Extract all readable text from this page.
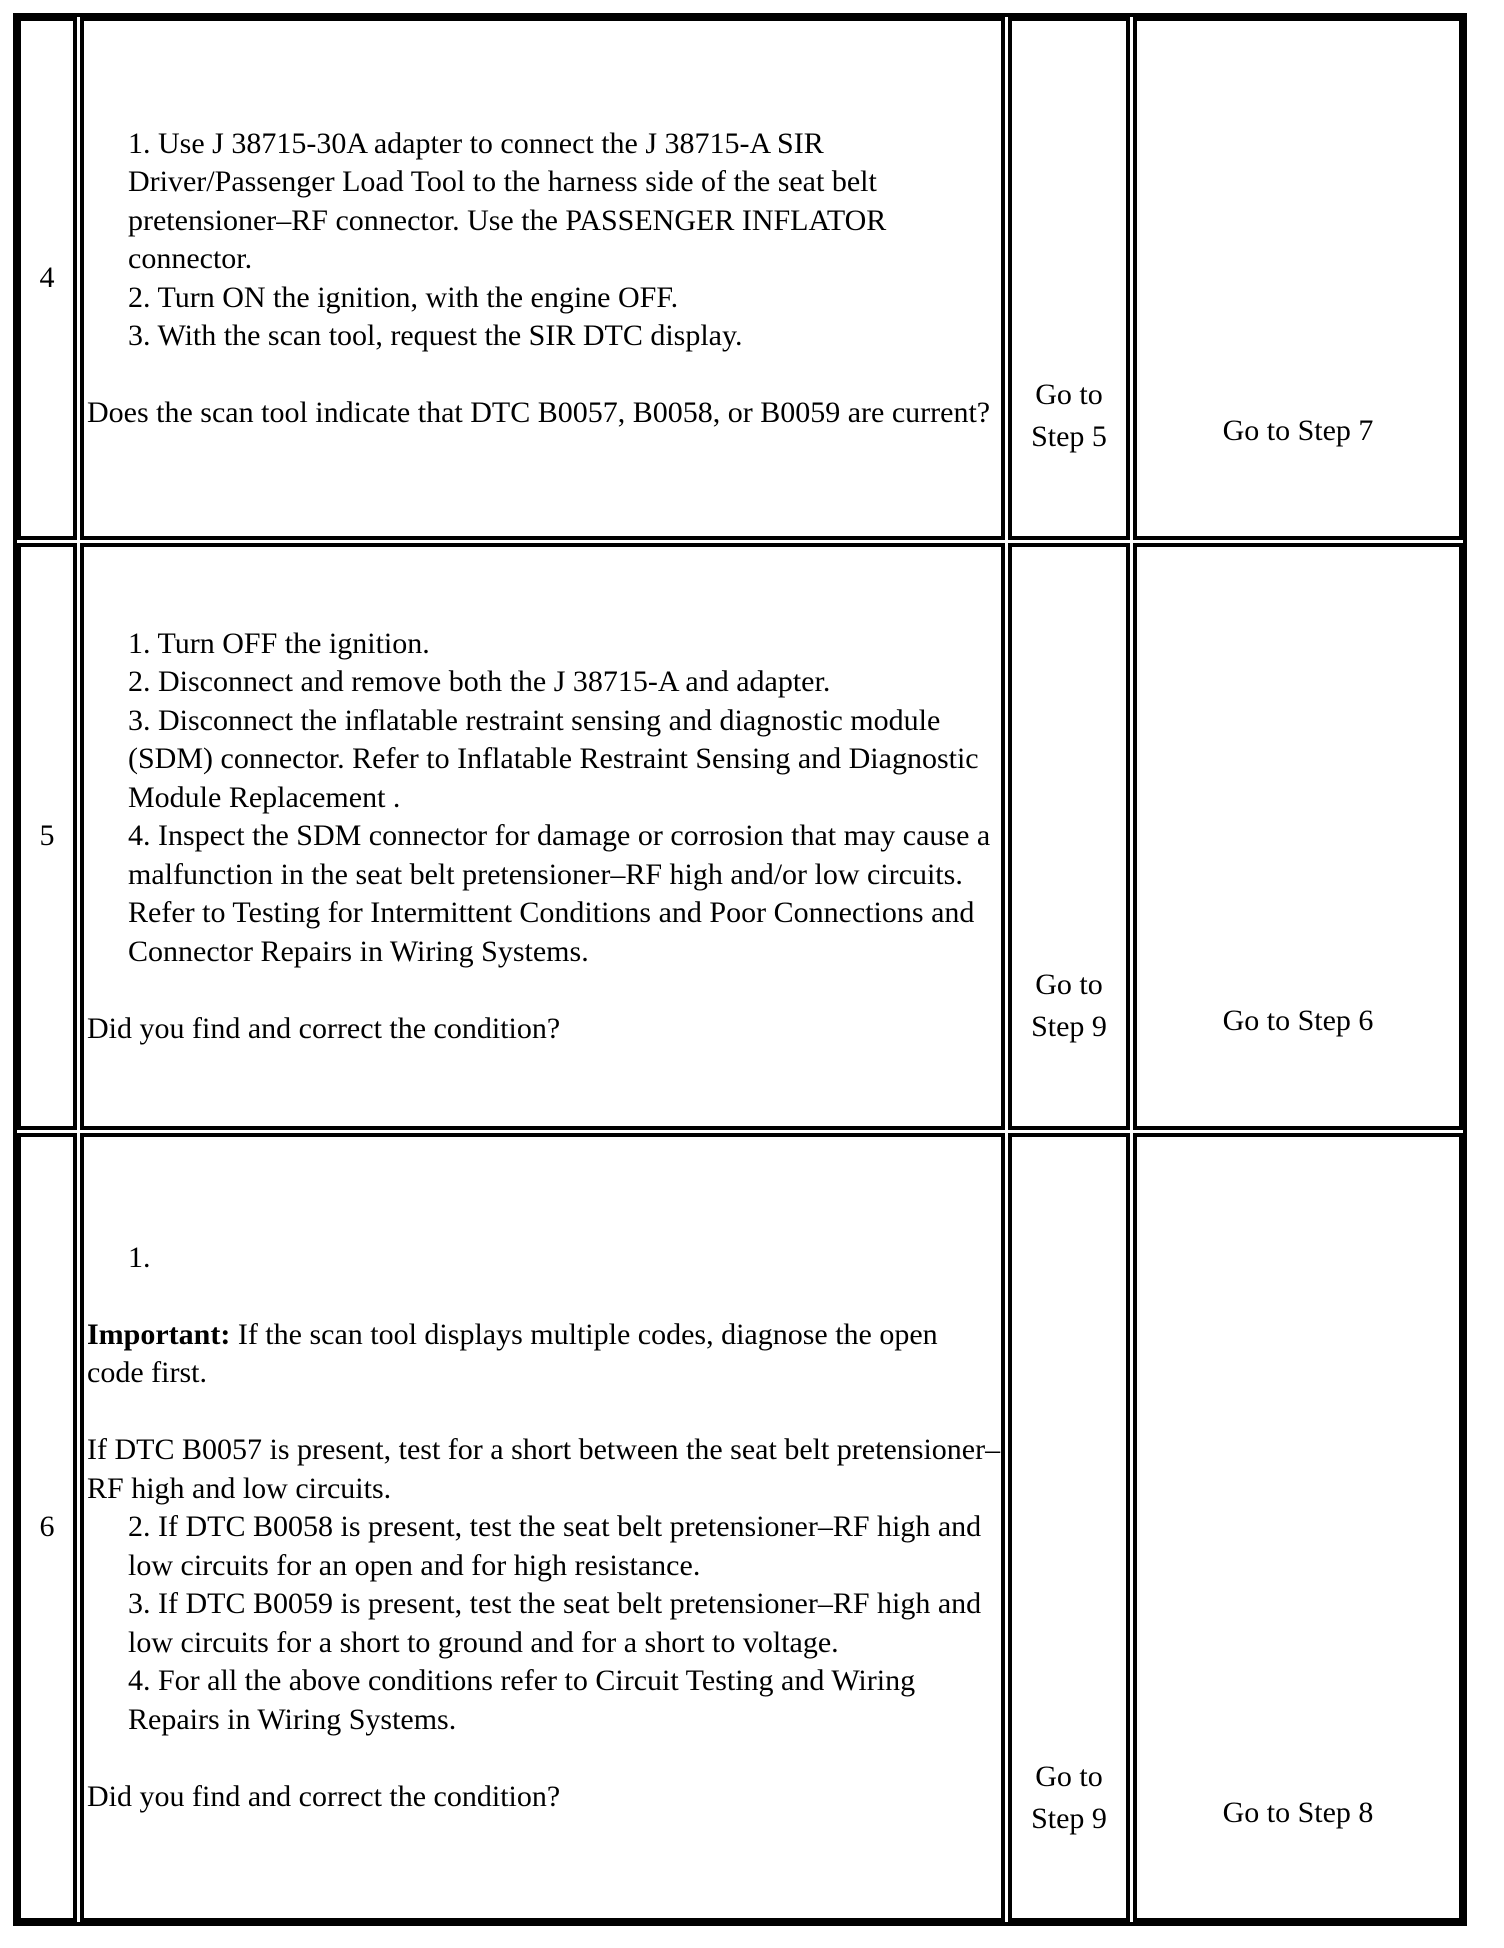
4

1. Use J 38715-30A adapter to connect the J 38715-A SIR Driver/Passenger Load Tool to the harness side of the seat belt pretensioner–RF connector. Use the PASSENGER INFLATOR connector.

2. Turn ON the ignition, with the engine OFF.

3. With the scan tool, request the SIR DTC display.

Does the scan tool indicate that DTC B0057, B0058, or B0059 are current?

Go to Step 5	Go to Step 7
5

1. Turn OFF the ignition.

2. Disconnect and remove both the J 38715-A and adapter.

3. Disconnect the inflatable restraint sensing and diagnostic module (SDM) connector. Refer to Inflatable Restraint Sensing and Diagnostic Module Replacement .

4. Inspect the SDM connector for damage or corrosion that may cause a malfunction in the seat belt pretensioner–RF high and/or low circuits. Refer to Testing for Intermittent Conditions and Poor Connections and Connector Repairs in Wiring Systems.

Did you find and correct the condition?

Go to Step 9	Go to Step 6
6

1.

Important: If the scan tool displays multiple codes, diagnose the open code first.

If DTC B0057 is present, test for a short between the seat belt pretensioner–RF high and low circuits.

2. If DTC B0058 is present, test the seat belt pretensioner–RF high and low circuits for an open and for high resistance.

3. If DTC B0059 is present, test the seat belt pretensioner–RF high and low circuits for a short to ground and for a short to voltage.

4. For all the above conditions refer to Circuit Testing and Wiring Repairs in Wiring Systems.

Did you find and correct the condition?

Go to Step 9	Go to Step 8
